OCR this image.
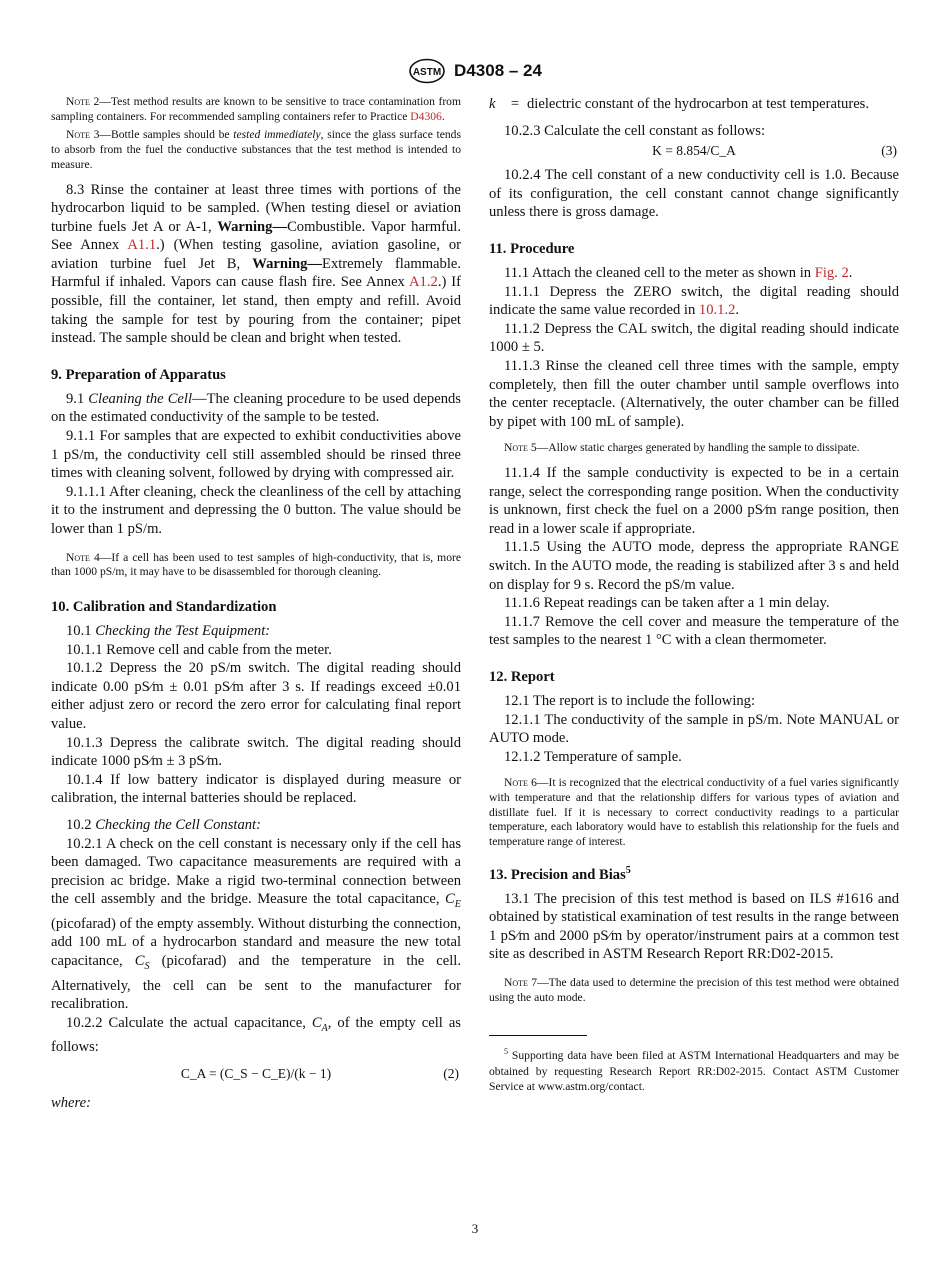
ASTM D4308 – 24

Note 2—Test method results are known to be sensitive to trace contamination from sampling containers. For recommended sampling containers refer to Practice D4306.

Note 3—Bottle samples should be tested immediately, since the glass surface tends to absorb from the fuel the conductive substances that the test method is intended to measure.

8.3 Rinse the container at least three times with portions of the hydrocarbon liquid to be sampled. (When testing diesel or aviation turbine fuels Jet A or A-1, Warning—Combustible. Vapor harmful. See Annex A1.1.) (When testing gasoline, aviation gasoline, or aviation turbine fuel Jet B, Warning—Extremely flammable. Harmful if inhaled. Vapors can cause flash fire. See Annex A1.2.) If possible, fill the container, let stand, then empty and refill. Avoid taking the sample for test by pouring from the container; pipet instead. The sample should be clean and bright when tested.

9. Preparation of Apparatus

9.1 Cleaning the Cell—The cleaning procedure to be used depends on the estimated conductivity of the sample to be tested.

9.1.1 For samples that are expected to exhibit conductivities above 1 pS/m, the conductivity cell still assembled should be rinsed three times with cleaning solvent, followed by drying with compressed air.

9.1.1.1 After cleaning, check the cleanliness of the cell by attaching it to the instrument and depressing the 0 button. The value should be lower than 1 pS/m.

Note 4—If a cell has been used to test samples of high-conductivity, that is, more than 1000 pS/m, it may have to be disassembled for thorough cleaning.

10. Calibration and Standardization

10.1 Checking the Test Equipment:

10.1.1 Remove cell and cable from the meter.

10.1.2 Depress the 20 pS/m switch. The digital reading should indicate 0.00 pS⁄m ± 0.01 pS⁄m after 3 s. If readings exceed ±0.01 either adjust zero or record the zero error for calculating final report value.

10.1.3 Depress the calibrate switch. The digital reading should indicate 1000 pS⁄m ± 3 pS⁄m.

10.1.4 If low battery indicator is displayed during measure or calibration, the internal batteries should be replaced.

10.2 Checking the Cell Constant:

10.2.1 A check on the cell constant is necessary only if the cell has been damaged. Two capacitance measurements are required with a precision ac bridge. Make a rigid two-terminal connection between the cell assembly and the bridge. Measure the total capacitance, $C_E$ (picofarad) of the empty assembly. Without disturbing the connection, add 100 mL of a hydrocarbon standard and measure the new total capacitance, $C_S$ (picofarad) and the temperature in the cell. Alternatively, the cell can be sent to the manufacturer for recalibration.

10.2.2 Calculate the actual capacitance, $C_A$, of the empty cell as follows:

C_A = (C_S − C_E)/(k − 1)	(2)
where:
k	= dielectric constant of the hydrocarbon at test temperatures.

10.2.3 Calculate the cell constant as follows:

K = 8.854/C_A	(3)

10.2.4 The cell constant of a new conductivity cell is 1.0. Because of its configuration, the cell constant cannot change significantly unless there is gross damage.

11. Procedure

11.1 Attach the cleaned cell to the meter as shown in Fig. 2.

11.1.1 Depress the ZERO switch, the digital reading should indicate the same value recorded in 10.1.2.

11.1.2 Depress the CAL switch, the digital reading should indicate 1000 ± 5.

11.1.3 Rinse the cleaned cell three times with the sample, empty completely, then fill the outer chamber until sample overflows into the center receptacle. (Alternatively, the outer chamber can be filled by pipet with 100 mL of sample).

Note 5—Allow static charges generated by handling the sample to dissipate.

11.1.4 If the sample conductivity is expected to be in a certain range, select the corresponding range position. When the conductivity is unknown, first check the fuel on a 2000 pS⁄m range position, then read in a lower scale if appropriate.

11.1.5 Using the AUTO mode, depress the appropriate RANGE switch. In the AUTO mode, the reading is stabilized after 3 s and held on display for 9 s. Record the pS/m value.

11.1.6 Repeat readings can be taken after a 1 min delay.

11.1.7 Remove the cell cover and measure the temperature of the test samples to the nearest 1 °C with a clean thermometer.

12. Report

12.1 The report is to include the following:

12.1.1 The conductivity of the sample in pS/m. Note MANUAL or AUTO mode.

12.1.2 Temperature of sample.

Note 6—It is recognized that the electrical conductivity of a fuel varies significantly with temperature and that the relationship differs for various types of aviation and distillate fuel. If it is necessary to correct conductivity readings to a particular temperature, each laboratory would have to establish this relationship for the fuels and temperature range of interest.

13. Precision and Bias$^5$

13.1 The precision of this test method is based on ILS #1616 and obtained by statistical examination of test results in the range between 1 pS⁄m and 2000 pS⁄m by operator/instrument pairs at a common test site as described in ASTM Research Report RR:D02-2015.

Note 7—The data used to determine the precision of this test method were obtained using the auto mode.

$^5$ Supporting data have been filed at ASTM International Headquarters and may be obtained by requesting Research Report RR:D02-2015. Contact ASTM Customer Service at www.astm.org/contact.

3
